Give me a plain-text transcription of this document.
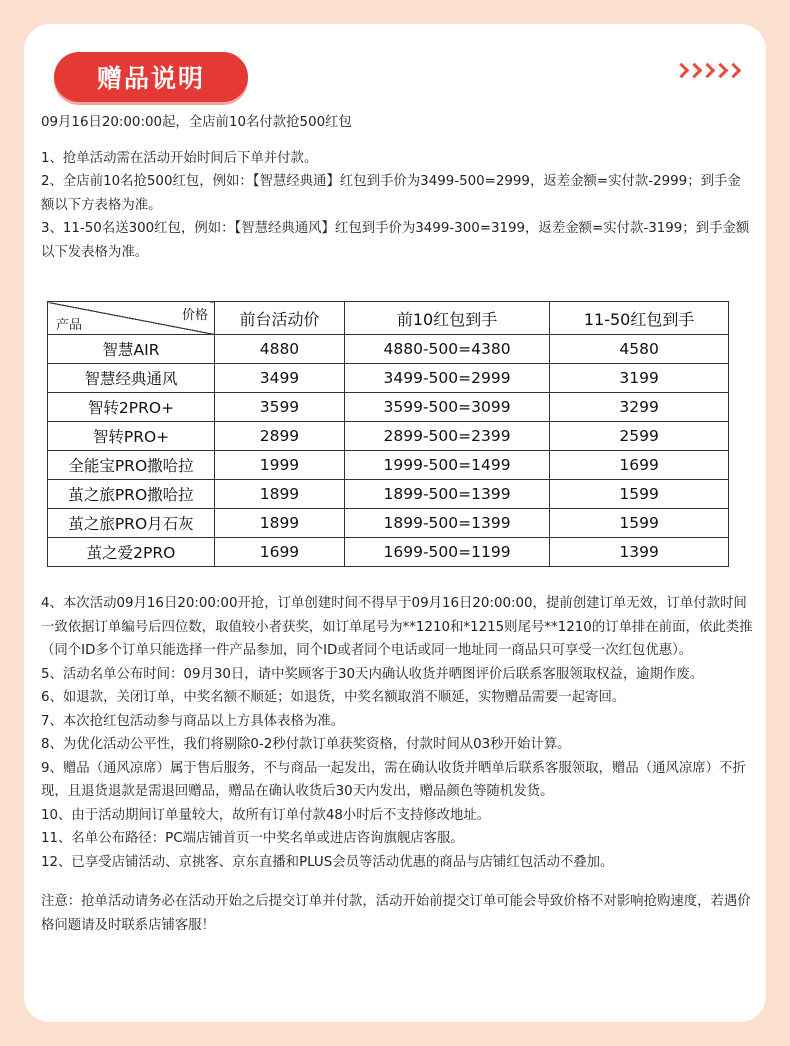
赠品说明

09月16日20:00:00起，全店前10名付款抢500红包

1、抢单活动需在活动开始时间后下单并付款。

2、全店前10名抢500红包，例如：【智慧经典通】红包到手价为3499-500=2999，返差金额=实付款-2999；到手金额以下方表格为准。

3、11-50名送300红包，例如：【智慧经典通风】红包到手价为3499-300=3199，返差金额=实付款-3199；到手金额以下发表格为准。

价格
产品	前台活动价	前10红包到手	11-50红包到手
智慧AIR	4880	4880-500=4380	4580
智慧经典通风	3499	3499-500=2999	3199
智转2PRO+	3599	3599-500=3099	3299
智转PRO+	2899	2899-500=2399	2599
全能宝PRO撒哈拉	1999	1999-500=1499	1699
茧之旅PRO撒哈拉	1899	1899-500=1399	1599
茧之旅PRO月石灰	1899	1899-500=1399	1599
茧之爱2PRO	1699	1699-500=1199	1399

4、本次活动09月16日20:00:00开抢，订单创建时间不得早于09月16日20:00:00，提前创建订单无效，订单付款时间一致依据订单编号后四位数，取值较小者获奖，如订单尾号为**1210和*1215则尾号**1210的订单排在前面，依此类推（同个ID多个订单只能选择一件产品参加，同个ID或者同个电话或同一地址同一商品只可享受一次红包优惠）。

5、活动名单公布时间：09月30日，请中奖顾客于30天内确认收货并晒图评价后联系客服领取权益，逾期作废。

6、如退款，关闭订单，中奖名额不顺延；如退货，中奖名额取消不顺延，实物赠品需要一起寄回。

7、本次抢红包活动参与商品以上方具体表格为准。

8、为优化活动公平性，我们将剔除0-2秒付款订单获奖资格，付款时间从03秒开始计算。

9、赠品（通风凉席）属于售后服务，不与商品一起发出，需在确认收货并晒单后联系客服领取，赠品（通风凉席）不折现，且退货退款是需退回赠品，赠品在确认收货后30天内发出，赠品颜色等随机发货。

10、由于活动期间订单量较大，故所有订单付款48小时后不支持修改地址。

11、名单公布路径：PC端店铺首页一中奖名单或进店咨询旗舰店客服。

12、已享受店铺活动、京挑客、京东直播和PLUS会员等活动优惠的商品与店铺红包活动不叠加。

注意：抢单活动请务必在活动开始之后提交订单并付款，活动开始前提交订单可能会导致价格不对影响抢购速度，若遇价格问题请及时联系店铺客服！
